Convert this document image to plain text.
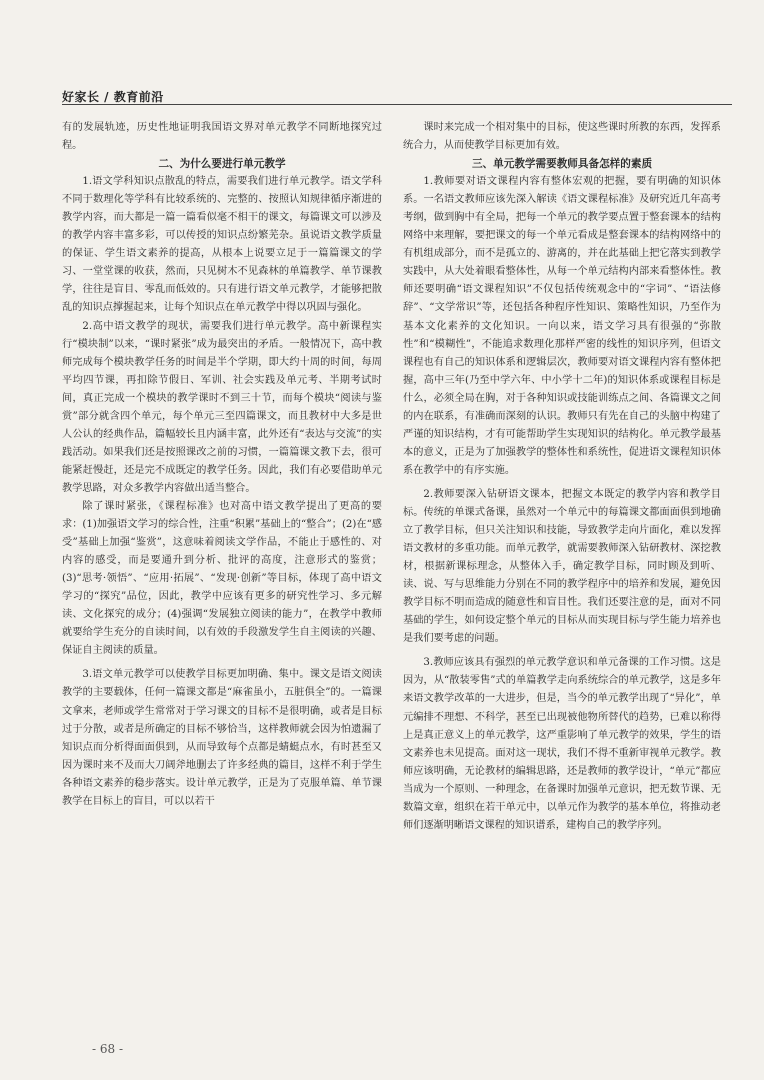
好家长 / 教育前沿

有的发展轨迹，历史性地证明我国语文界对单元教学不同断地探究过程。

二、为什么要进行单元教学

1.语文学科知识点散乱的特点，需要我们进行单元教学。语文学科不同于数理化等学科有比较系统的、完整的、按照认知规律循序渐进的教学内容，而大都是一篇一篇看似毫不相干的课文，每篇课文可以涉及的教学内容丰富多彩，可以传授的知识点纷繁芜杂。虽说语文教学质量的保证、学生语文素养的提高，从根本上说要立足于一篇篇课文的学习、一堂堂课的收获，然而，只见树木不见森林的单篇教学、单节课教学，往往是盲目、零乱而低效的。只有进行语文单元教学，才能够把散乱的知识点撑握起来，让每个知识点在单元教学中得以巩固与强化。

2.高中语文教学的现状，需要我们进行单元教学。高中新课程实行“模块制”以来，“课时紧张”成为最突出的矛盾。一般情况下，高中教师完成每个模块教学任务的时间是半个学期，即大约十周的时间，每周平均四节课，再扣除节假日、军训、社会实践及单元考、半期考试时间，真正完成一个模块的教学课时不到三十节，而每个模块“阅读与鉴赏”部分就含四个单元，每个单元三至四篇课文，而且教材中大多是世人公认的经典作品，篇幅较长且内涵丰富，此外还有“表达与交流”的实践活动。如果我们还是按照课改之前的习惯，一篇篇课文教下去，很可能紧赶慢赶，还是完不成既定的教学任务。因此，我们有必要借助单元教学思路，对众多教学内容做出适当整合。

除了课时紧张，《课程标准》也对高中语文教学提出了更高的要求：(1)加强语文学习的综合性，注重“积累”基础上的“整合”；(2)在“感受”基础上加强“鉴赏”，这意味着阅读文学作品，不能止于感性的、对内容的感受，而是要通升到分析、批评的高度，注意形式的鉴赏；(3)“思考·领悟”、“应用·拓展”、“发现·创新”等目标，体现了高中语文学习的“探究”品位，因此，教学中应该有更多的研究性学习、多元解读、文化探究的成分；(4)强调“发展独立阅读的能力”，在教学中教师就要给学生充分的自读时间，以有效的手段激发学生自主阅读的兴趣、保证自主阅读的质量。

3.语文单元教学可以使教学目标更加明确、集中。课文是语文阅读教学的主要载体，任何一篇课文都是“麻雀虽小，五脏俱全”的。一篇课文拿来，老师或学生常常对于学习课文的目标不是很明确，或者是目标过于分散，或者是所确定的目标不够恰当，这样教师就会因为怕遗漏了知识点而分析得面面俱到，从而导致每个点都是蜻蜓点水，有时甚至又因为课时来不及而大刀阔斧地删去了许多经典的篇目，这样不利于学生各种语文素养的稳步落实。设计单元教学，正是为了克服单篇、单节课教学在目标上的盲目，可以以若干

课时来完成一个相对集中的目标，使这些课时所教的东西，发挥系统合力，从而使教学目标更加有效。

三、单元教学需要教师具备怎样的素质

1.教师要对语文课程内容有整体宏观的把握，要有明确的知识体系。一名语文教师应该先深入解读《语文课程标准》及研究近几年高考考纲，做到胸中有全局，把每一个单元的教学要点置于整套课本的结构网络中来理解，要把课文的每一个单元看成是整套课本的结构网络中的有机组成部分，而不是孤立的、游离的，并在此基础上把它落实到教学实践中，从大处着眼看整体性，从每一个单元结构内部来看整体性。教师还要明确“语文课程知识”不仅包括传统观念中的“字词”、“语法修辞”、“文学常识”等，还包括各种程序性知识、策略性知识，乃至作为基本文化素养的文化知识。一向以来，语文学习具有很强的“弥散性”和“模糊性”，不能追求数理化那样严密的线性的知识序列，但语文课程也有自己的知识体系和逻辑层次，教师要对语文课程内容有整体把握，高中三年(乃至中学六年、中小学十二年)的知识体系或课程目标是什么，必须全局在胸，对于各种知识或技能训练点之间、各篇课文之间的内在联系，有准确而深刻的认识。教师只有先在自己的头脑中构建了严谨的知识结构，才有可能帮助学生实现知识的结构化。单元教学最基本的意义，正是为了加强教学的整体性和系统性，促进语文课程知识体系在教学中的有序实施。

2.教师要深入钻研语文课本，把握文本既定的教学内容和教学目标。传统的单课式备课，虽然对一个单元中的每篇课文都面面俱到地确立了教学目标，但只关注知识和技能，导致教学走向片面化，难以发挥语文教材的多重功能。而单元教学，就需要教师深入钻研教材、深挖教材，根据新课标理念，从整体入手，确定教学目标，同时顾及到听、读、说、写与思维能力分别在不同的教学程序中的培养和发展，避免因教学目标不明而造成的随意性和盲目性。我们还要注意的是，面对不同基础的学生，如何设定整个单元的目标从而实现目标与学生能力培养也是我们要考虑的问题。

3.教师应该具有强烈的单元教学意识和单元备课的工作习惯。这是因为，从“散装零售”式的单篇教学走向系统综合的单元教学，这是多年来语文教学改革的一大进步，但是，当今的单元教学出现了“异化”，单元编排不理想、不科学，甚至已出现被他物所替代的趋势，已难以称得上是真正意义上的单元教学，这严重影响了单元教学的效果，学生的语文素养也未见提高。面对这一现状，我们不得不重新审视单元教学。教师应该明确，无论教材的编辑思路，还是教师的教学设计，“单元”都应当成为一个原则、一种理念，在备课时加强单元意识，把无数节课、无数篇文章，组织在若干单元中，以单元作为教学的基本单位，将推动老师们逐渐明晰语文课程的知识谱系，建构自己的教学序列。

- 68 -
